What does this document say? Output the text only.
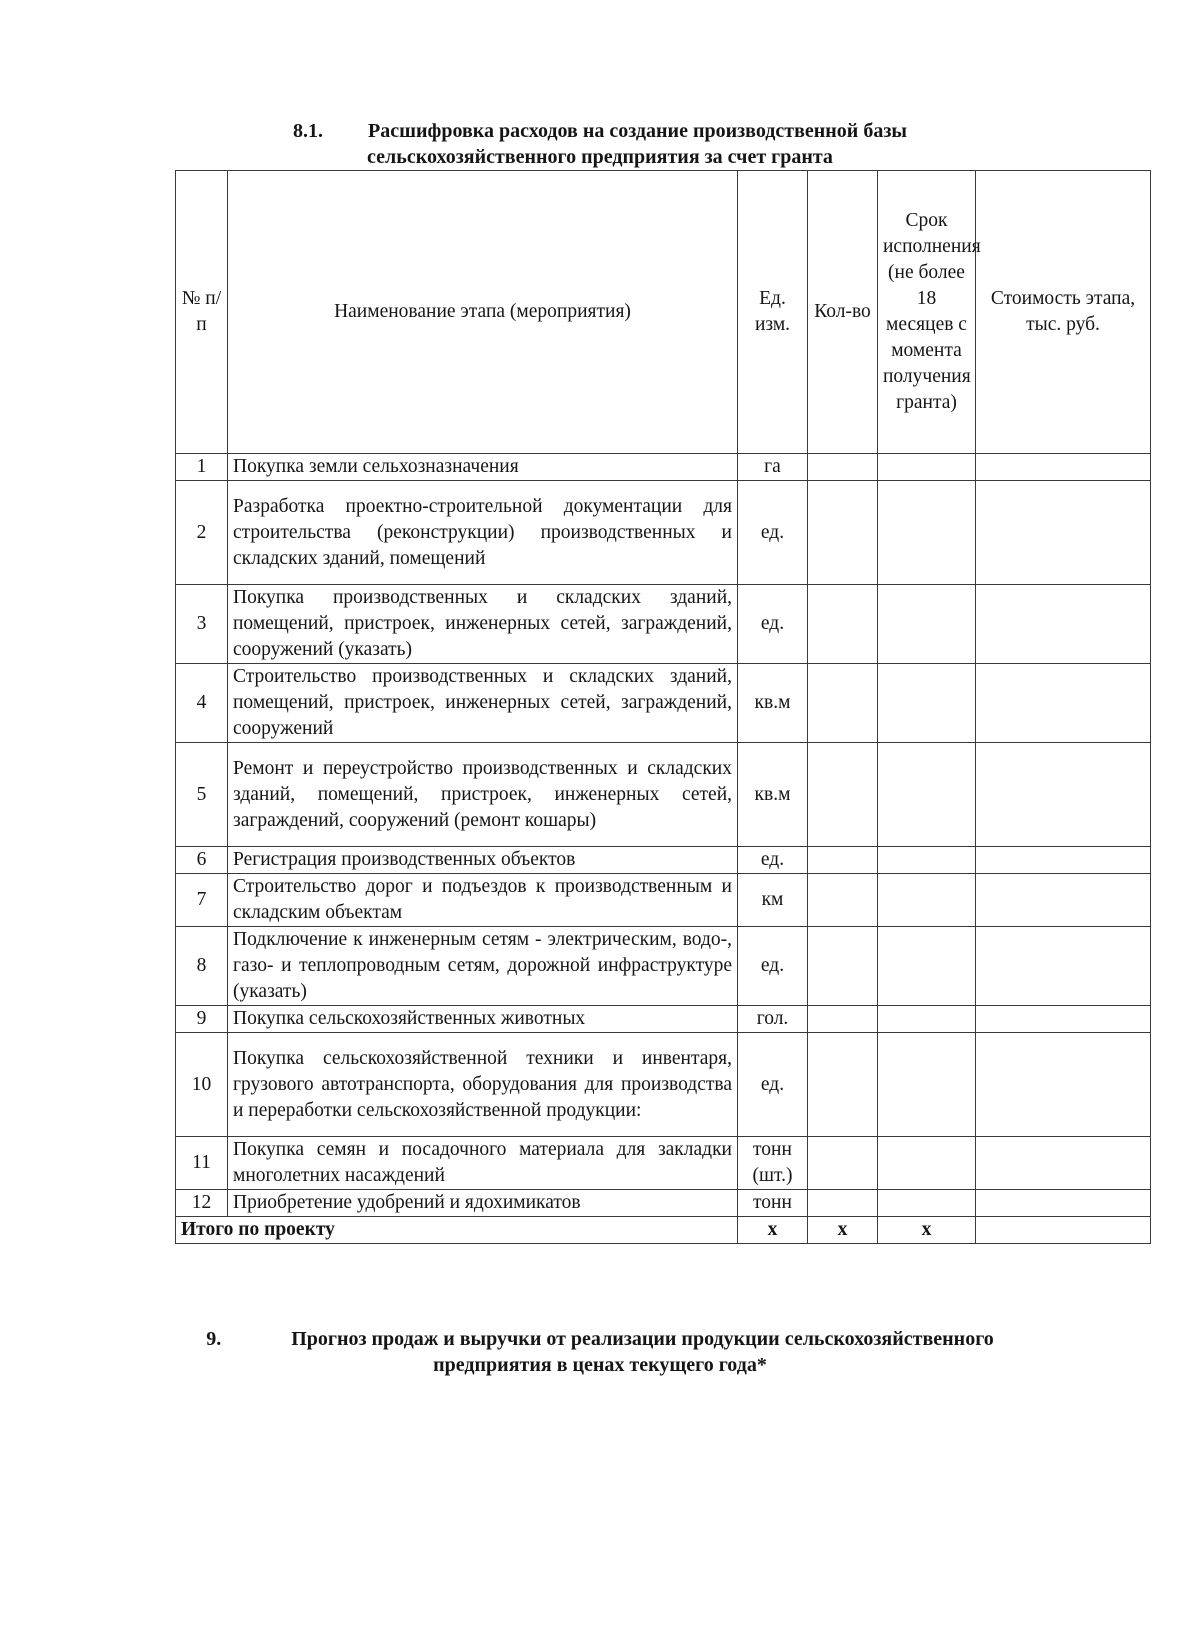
8.1. Расшифровка расходов на создание производственной базы
сельскохозяйственного предприятия за счет гранта
№ п/п	Наименование этапа (мероприятия)	Ед. изм.	Кол-во	Срок исполнения (не более 18 месяцев с момента получения гранта)	Стоимость этапа, тыс. руб.
1	Покупка земли сельхозназначения	га			
2	Разработка проектно-строительной документации для строительства (реконструкции) производственных и складских зданий, помещений	ед.			
3	Покупка производственных и складских зданий, помещений, пристроек, инженерных сетей, заграждений, сооружений (указать)	ед.			
4	Строительство производственных и складских зданий, помещений, пристроек, инженерных сетей, заграждений, сооружений	кв.м			
5	Ремонт и переустройство производственных и складских зданий, помещений, пристроек, инженерных сетей, заграждений, сооружений (ремонт кошары)	кв.м			
6	Регистрация производственных объектов	ед.			
7	Строительство дорог и подъездов к производственным и складским объектам	км			
8	Подключение к инженерным сетям - электрическим, водо-, газо- и теплопроводным сетям, дорожной инфраструктуре (указать)	ед.			
9	Покупка сельскохозяйственных животных	гол.			
10	Покупка сельскохозяйственной техники и инвентаря, грузового автотранспорта, оборудования для производства и переработки сельскохозяйственной продукции:	ед.			
11	Покупка семян и посадочного материала для закладки многолетних насаждений	тонн (шт.)			
12	Приобретение удобрений и ядохимикатов	тонн			
Итого по проекту		х	х	х	
9.	Прогноз продаж и выручки от реализации продукции сельскохозяйственного
предприятия в ценах текущего года*
